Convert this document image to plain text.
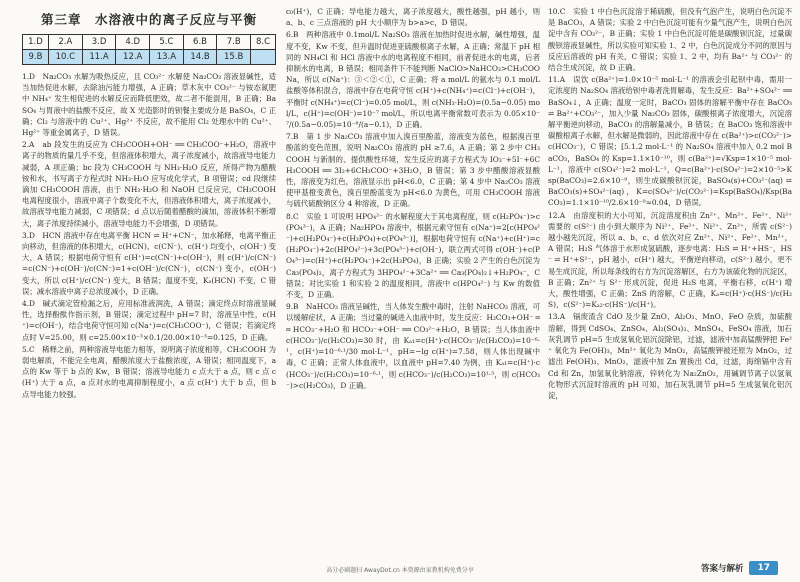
第三章　水溶液中的离子反应与平衡
1.D	2.A	3.D	4.D	5.C	6.B	7.B	8.C
9.B	10.C	11.A	12.A	13.A	14.B	15.B	

1.D　Na₂CO₃ 水解为吸热反应，且 CO₃²⁻ 水解使 Na₂CO₃ 溶液显碱性，适当加热促进水解，去除油污能力增强，A 正确；草木灰中 CO₃²⁻ 与铵态氮肥中 NH₄⁺ 发生相促进的水解反应而降低肥效，故二者不能混用，B 正确；BaSO₄ 与胃液中的盐酸不反应，故 X 光造影时的钡餐主要成分是 BaSO₄，C 正确；Cl₂ 与溶液中的 Cu²⁺、Hg²⁺ 不反应，故不能用 Cl₂ 处理水中的 Cu²⁺、Hg²⁺ 等重金属离子，D 错误。

2.A　ab 段发生的反应为 CH₃COOH+OH⁻ ══ CH₃COO⁻+H₂O，溶液中离子的物质的量几乎不变，但溶液体积增大，离子浓度减小，故溶液导电能力减弱，A 项正确；bc 段为 CH₃COOH 与 NH₃·H₂O 反应，所得产物为醋酸铵和水，书写离子方程式时 NH₃·H₂O 应写成化学式，B 项错误；cd 段继续滴加 CH₃COOH 溶液，由于 NH₃·H₂O 和 NaOH 已反应完，CH₃COOH 电离程度很小，溶液中离子个数变化不大，但溶液体积增大，离子浓度减小，故溶液导电能力减弱，C 项错误；d 点以后随着醋酸的滴加，溶液体积不断增大，离子浓度持续减小，溶液导电能力不会增强，D 项错误。

3.D　HCN 溶液中存在电离平衡 HCN ⇌ H⁺+CN⁻，加水稀释，电离平衡正向移动，但溶液的体积增大，c(HCN)、c(CN⁻)、c(H⁺) 均变小，c(OH⁻) 变大，A 错误；根据电荷守恒有 c(H⁺)=c(CN⁻)+c(OH⁻)，则 c(H⁺)/c(CN⁻)=c(CN⁻)+c(OH⁻)/c(CN⁻)=1+c(OH⁻)/c(CN⁻)，c(CN⁻) 变小，c(OH⁻) 变大，所以 c(H⁺)/c(CN⁻) 变大，B 错误；温度不变，Kₐ(HCN) 不变，C 错误；减水溶液中离子总浓度减小，D 正确。

4.D　碱式滴定管检漏之后，应用标准液润洗，A 错误；滴定终点时溶液显碱性，选择酚酞作指示剂，B 错误；滴定过程中 pH=7 时，溶液呈中性，c(H⁺)=c(OH⁻)，结合电荷守恒可知 c(Na⁺)=c(CH₃COO⁻)，C 错误；若滴定终点时 V=25.00，则 c=25.00×10⁻³×0.1/20.00×10⁻³=0.125，D 正确。

5.C　稀释之前，两种溶液导电能力相等，说明离子浓度相等，CH₃COOH 为弱电解质，不能完全电离，醋酸浓度大于盐酸浓度，A 错误；相同温度下，a 点的 Kw 等于 b 点的 Kw，B 错误；溶液导电能力 c 点大于 a 点，则 c 点 c(H⁺) 大于 a 点，a 点对水的电离抑制程度小，a 点 c(H⁺) 大于 b 点，但 b 点导电能力较强。

c₀(H⁺)，C 正确；导电能力越大，离子浓度越大，酸性越强，pH 越小，则 a、b、c 三点溶液的 pH 大小顺序为 b>a>c，D 错误。

6.B　两种溶液中 0.1mol/L Na₂SO₃ 溶液在加热时促进水解，碱性增强，温度不变，Kw 不变，但升温时促进亚硫酸根离子水解，A 正确；常温下 pH 相同的 NH₄Cl 和 HCl 溶液中水的电离程度不相同，前者促进水的电离，后者抑制水的电离，B 错误；相同条件下不能判断 NaClO>NaHCO₃>CH₃COONa，所以 c(Na⁺)：③＜②＜①，C 正确；将 a mol/L 的氨水与 0.1 mol/L 盐酸等体积混合，溶液中存在电荷守恒 c(H⁺)+c(NH₄⁺)=c(Cl⁻)+c(OH⁻)，平衡时 c(NH₄⁺)=c(Cl⁻)=0.05 mol/L，则 c(NH₃·H₂O)=(0.5a−0.05) mol/L，c(H⁺)=c(OH⁻)=10⁻⁷ mol/L，所以电离平衡常数可表示为 0.05×10⁻⁷/(0.5a−0.05)=10⁻⁸/(a−0.1)，D 正确。

7.B　第 1 步 Na₂CO₃ 溶液中加入溴百里酚蓝，溶液变为蓝色，根据溴百里酚蓝的变色范围，说明 Na₂CO₃ 溶液的 pH ≥7.6，A 正确；第 2 步中 CH₃COOH 与新制的、提供酸性环境，发生反应的离子方程式为 IO₃⁻+5I⁻+6CH₃COOH ══ 3I₂+6CH₃COO⁻+3H₂O，B 错误；第 3 步中醋酸溶液显酸性，溶液变为红色，溶液显示出 pH<6.0，C 正确；第 4 步中 Na₂CO₃ 溶液使甲基橙变黄色，溴百里酚蓝变为 pH<6.0 为黄色，可用 CH₃COOH 溶液与硫代硫酸钠区分 4 种溶液，D 正确。

8.C　实验 1 可说明 HPO₄²⁻ 的水解程度大于其电离程度，则 c(H₂PO₄⁻)>c(PO₄³⁻)，A 正确；Na₂HPO₄ 溶液中，根据元素守恒有 c(Na⁺)=2[c(HPO₄²⁻)+c(H₂PO₄⁻)+c(H₃PO₄)+c(PO₄³⁻)]，根据电荷守恒有 c(Na⁺)+c(H⁺)=c(H₂PO₄⁻)+2c(HPO₄²⁻)+3c(PO₄³⁻)+c(OH⁻)，联立两式可得 c(OH⁻)+c(PO₄³⁻)=c(H⁺)+c(H₂PO₄⁻)+2c(H₃PO₄)，B 正确；实验 2 产生的白色沉淀为 Ca₃(PO₄)₂，离子方程式为 3HPO₄²⁻+3Ca²⁺ ══ Ca₃(PO₄)₂↓+H₂PO₄⁻，C 错误；对比实验 1 和实验 2 的温度相同，溶液中 c(HPO₄²⁻) 与 Kw 的数值不变，D 正确。

9.B　NaHCO₃ 溶液呈碱性，当人体发生酸中毒时，注射 NaHCO₃ 溶液，可以缓解症状，A 正确；当过量的碱进入血液中时，发生反应：H₂CO₃+OH⁻ ══ HCO₃⁻+H₂O 和 HCO₃⁻+OH⁻ ══ CO₃²⁻+H₂O，B 错误；当人体血液中 c(HCO₃⁻)/c(H₂CO₃)=30 时，由 Kₐ₁=c(H⁺)·c(HCO₃⁻)/c(H₂CO₃)=10⁻⁶·¹，c(H⁺)=10⁻⁶·¹/30 mol·L⁻¹，pH=−lg c(H⁺)=7.58，则人体出现碱中毒，C 正确；正常人体血液中，以血液中 pH=7.40 为例，由 Kₐ₁=c(H⁺)·c(HCO₃⁻)/c(H₂CO₃)=10⁻⁶·¹，则 c(HCO₃⁻)/c(H₂CO₃)=10¹·³，则 c(HCO₃⁻)>c(H₂CO₃)，D 正确。

10.C　实验 1 中白色沉淀溶于稀硫酸，但没有气泡产生，说明白色沉淀不是 BaCO₃，A 错误；实验 2 中白色沉淀可能有少量气泡产生，说明白色沉淀中含有 CO₃²⁻，B 正确；实验 1 中白色沉淀可能是碳酸钡沉淀，过量碳酸钡溶液显碱性，所以实验可知实验 1、2 中，白色沉淀成分不同的原因与反应后溶液的 pH 有关，C 错误；实验 1、2 中，均有 Ba²⁺ 与 CO₃²⁻ 的结合生成沉淀，故 D 正确。

11.A　误饮 c(Ba²⁺)=1.0×10⁻⁵ mol·L⁻¹ 的溶液会引起钡中毒，需用一定浓度的 Na₂SO₄ 溶液给钡中毒者洗胃解毒，发生反应：Ba²⁺+SO₄²⁻ ══ BaSO₄↓，A 正确；温度一定时，BaCO₃ 固体的溶解平衡中存在 BaCO₃ ⇌ Ba²⁺+CO₃²⁻，加入少量 Na₂CO₃ 固体，碳酸根离子浓度增大，沉淀溶解平衡逆向移动，BaCO₃ 的溶解量减小，B 错误；在 BaCO₃ 饱和溶液中碳酸根离子水解，但水解是微弱的，因此溶液中存在 c(Ba²⁺)>c(CO₃²⁻)>c(HCO₃⁻)，C 错误；[5.1.2 mol·L⁻¹ 的 Na₂SO₄ 溶液中加入 0.2 mol BaCO₃，BaSO₄ 的 Ksp=1.1×10⁻¹⁰，则 c(Ba²⁺)=√Ksp=1×10⁻⁵ mol·L⁻¹，溶液中 c(SO₄²⁻)=2 mol·L⁻¹，Q=c(Ba²⁺)·c(SO₄²⁻)=2×10⁻⁵>Ksp(BaCO₃)=2.6×10⁻⁹，则生成碳酸钡沉淀，BaSO₄(s)+CO₃²⁻(aq) ⇌ BaCO₃(s)+SO₄²⁻(aq)，K=c(SO₄²⁻)/c(CO₃²⁻)=Ksp(BaSO₄)/Ksp(BaCO₃)=1.1×10⁻¹⁰/2.6×10⁻⁹≈0.04，D 错误。

12.A　由溶度积的大小可知，沉淀溶度积由 Zn²⁺、Mn²⁺、Fe²⁺、Ni²⁺ 需要的 c(S²⁻) 由小到大顺序为 Ni²⁺、Fe²⁺、Ni²⁺、Zn²⁺，所需 c(S²⁻) 越小越先沉淀，所以 a、b、c、d 依次对应 Zn²⁺、Ni²⁺、Fe²⁺、Mn²⁺，A 错误；H₂S 气体溶于水形成氢硫酸，逐步电离：H₂S ⇌ H⁺+HS⁻，HS⁻ ⇌ H⁺+S²⁻，pH 越小，c(H⁺) 越大，平衡逆向移动，c(S²⁻) 越小，更不易生成沉淀，所以每条线的右方为沉淀溶解区，右方为该硫化物的沉淀区，B 正确；Zn²⁺ 与 S²⁻ 形成沉淀，促进 H₂S 电离，平衡右移，c(H⁺) 增大，酸性增强，C 正确；ZnS 的溶解，C 正确，Kₐ=c(H⁺)·c(HS⁻)/c(H₂S)，c(S²⁻)=Kₐ₂·c(HS⁻)/c(H⁺)。

13.A　镉废渣含 CdO 及少量 ZnO、Al₂O₃、MnO、FeO 杂质，加硫酸溶解，得到 CdSO₄、ZnSO₄、Al₂(SO₄)₃、MnSO₄、FeSO₄ 溶液，加石灰乳调节 pH=5 生成氢氧化铝沉淀除铝，过滤，滤液中加高锰酸钾把 Fe²⁺ 氧化为 Fe(OH)₃，Mn²⁺ 氧化为 MnO₂，高锰酸钾被还原为 MnO₂，过滤出 Fe(OH)₃、MnO₂，滤液中加 Zn 置换出 Cd，过滤，海绵镉中含有 Cd 和 Zn，加氢氧化钠溶液，锌转化为 Na₂ZnO₂，用碱调节离子以氢氧化物形式沉淀时溶液的 pH 可知，加石灰乳调节 pH=5 生成氢氧化铝沉淀，

高分必刷题扫 AwayDot.cn 本资源由家教机构免费分享	答案与解析	17
